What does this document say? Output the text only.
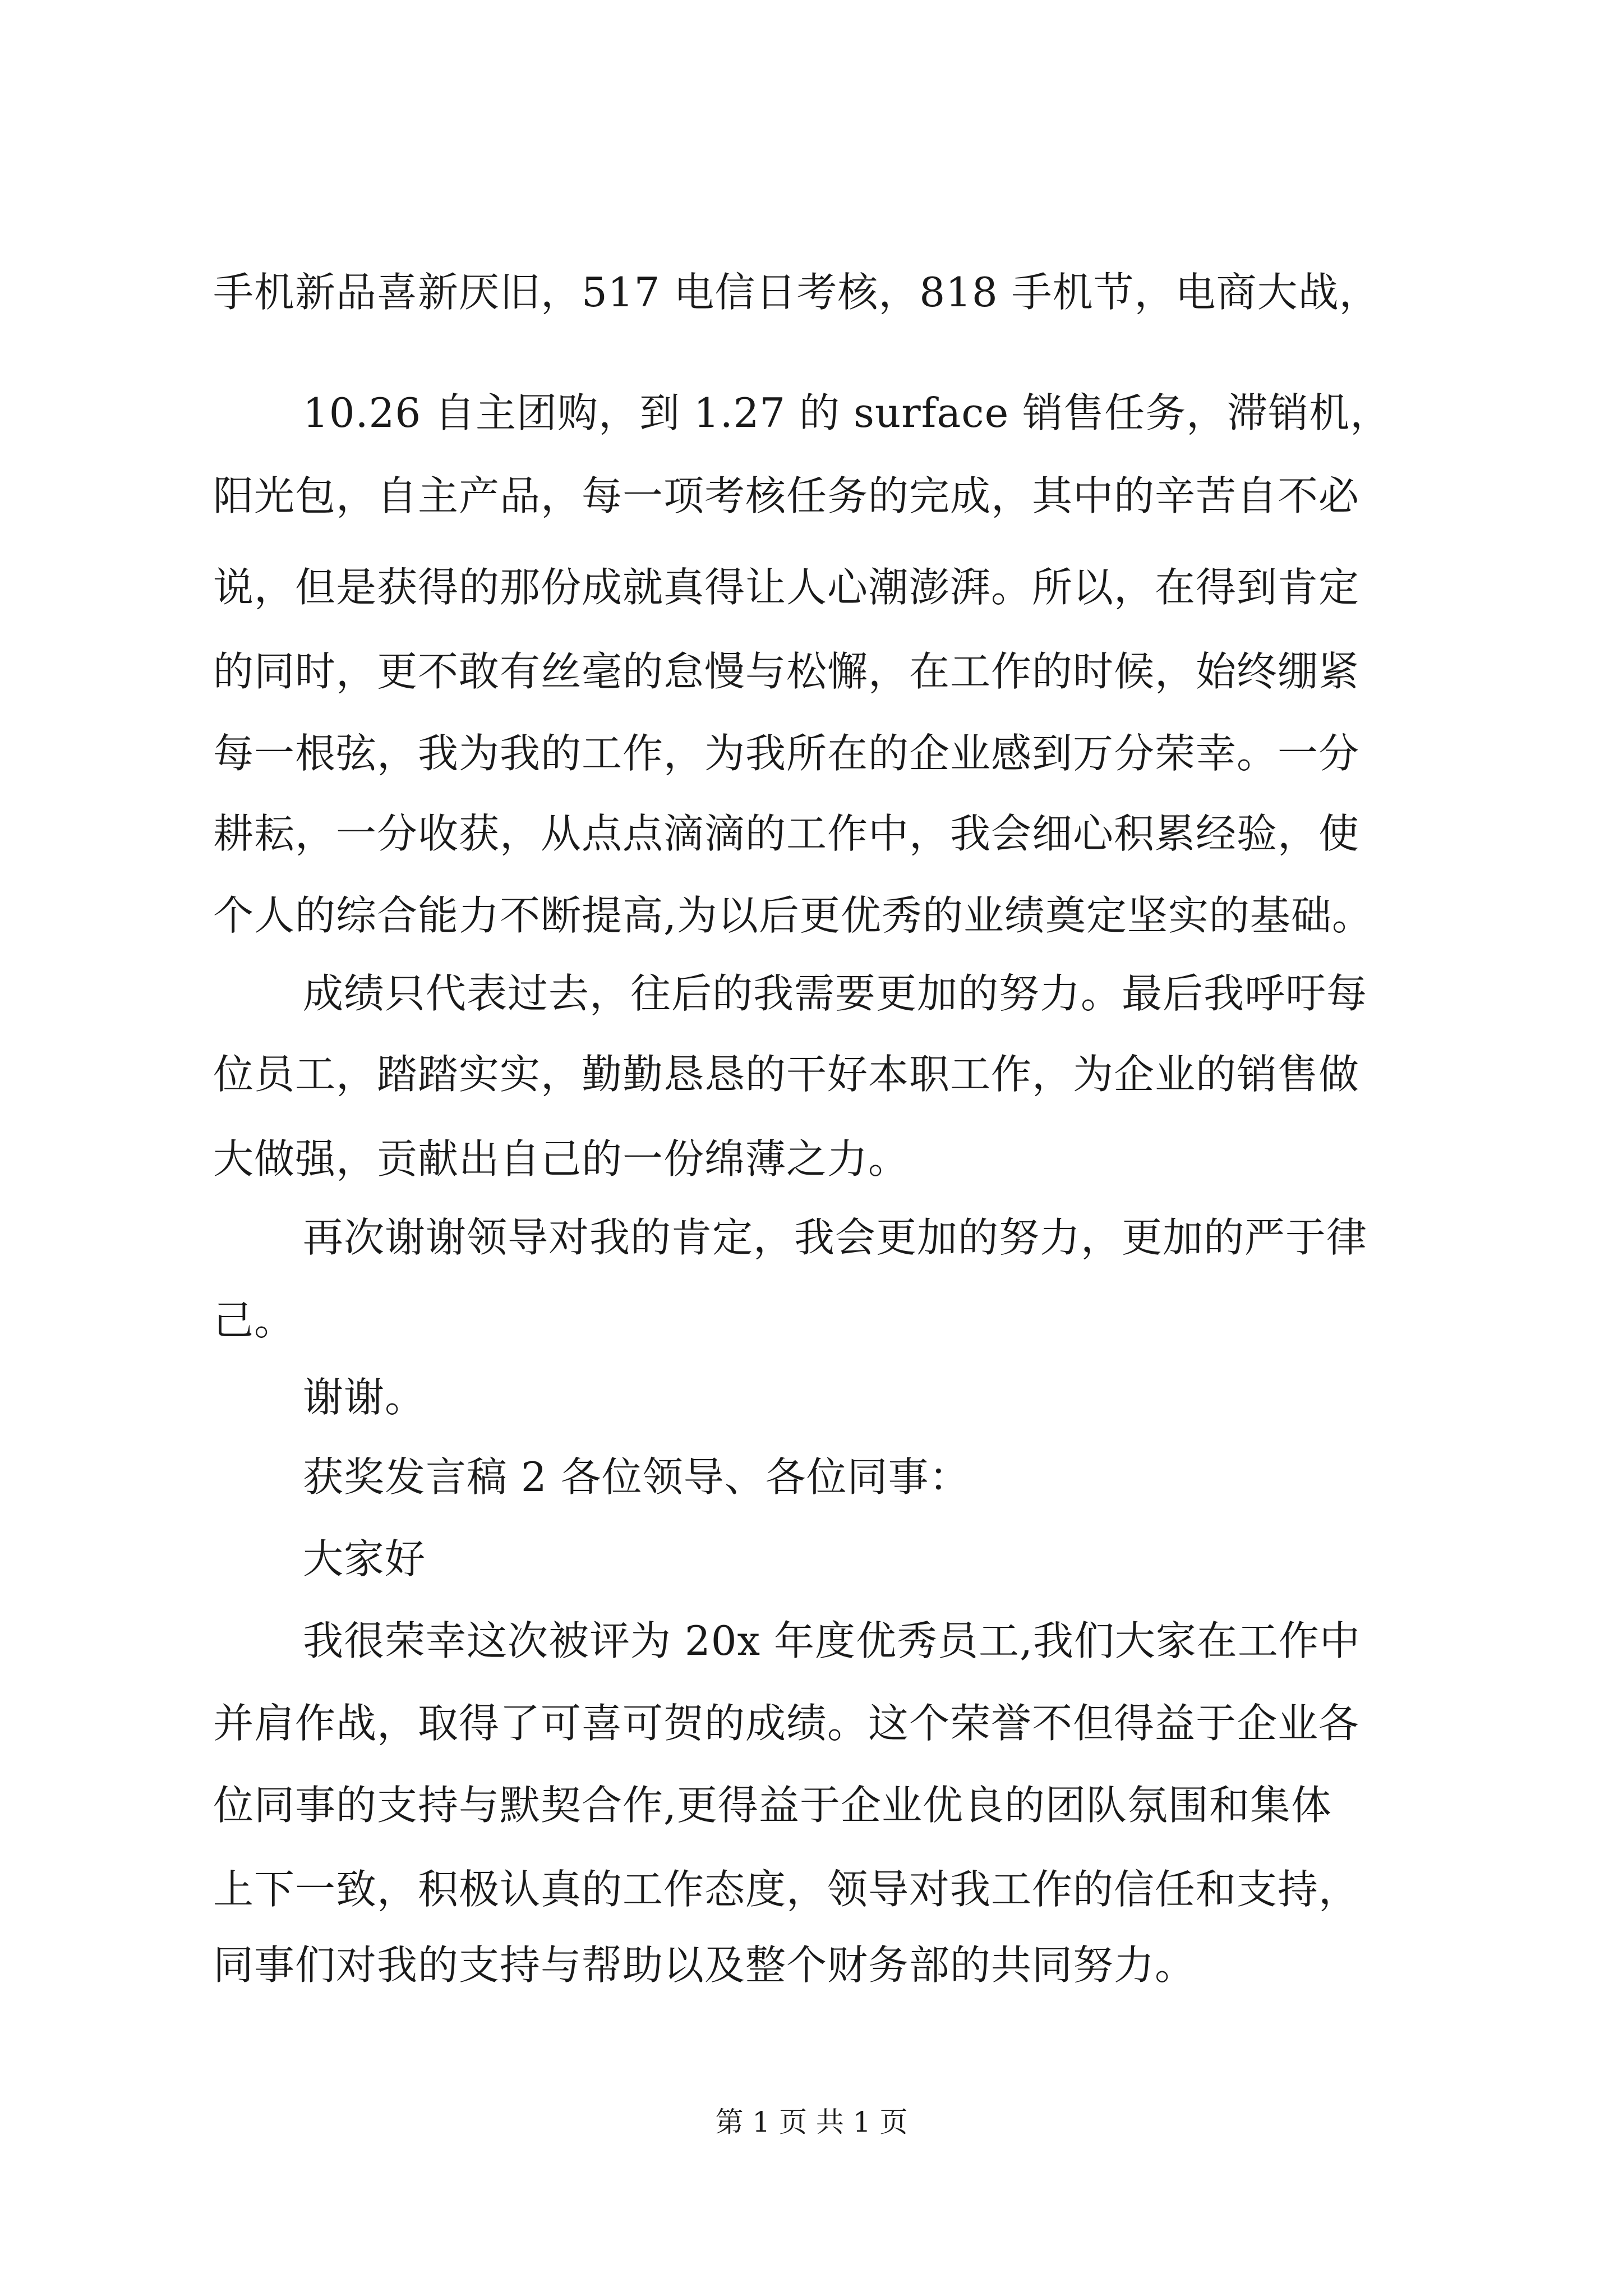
手机新品喜新厌旧，517 电信日考核，818 手机节，电商大战，
10.26 自主团购，到 1.27 的 surface 销售任务，滞销机，
阳光包，自主产品，每一项考核任务的完成，其中的辛苦自不必
说，但是获得的那份成就真得让人心潮澎湃。所以，在得到肯定
的同时，更不敢有丝毫的怠慢与松懈，在工作的时候，始终绷紧
每一根弦，我为我的工作，为我所在的企业感到万分荣幸。一分
耕耘，一分收获，从点点滴滴的工作中，我会细心积累经验，使
个人的综合能力不断提高,为以后更优秀的业绩奠定坚实的基础。
成绩只代表过去，往后的我需要更加的努力。最后我呼吁每
位员工，踏踏实实，勤勤恳恳的干好本职工作，为企业的销售做
大做强，贡献出自己的一份绵薄之力。
再次谢谢领导对我的肯定，我会更加的努力，更加的严于律
己。
谢谢。
获奖发言稿 2 各位领导、各位同事：
大家好
我很荣幸这次被评为 20x 年度优秀员工,我们大家在工作中
并肩作战，取得了可喜可贺的成绩。这个荣誉不但得益于企业各
位同事的支持与默契合作,更得益于企业优良的团队氛围和集体
上下一致，积极认真的工作态度，领导对我工作的信任和支持，
同事们对我的支持与帮助以及整个财务部的共同努力。
第 1 页 共 1 页
